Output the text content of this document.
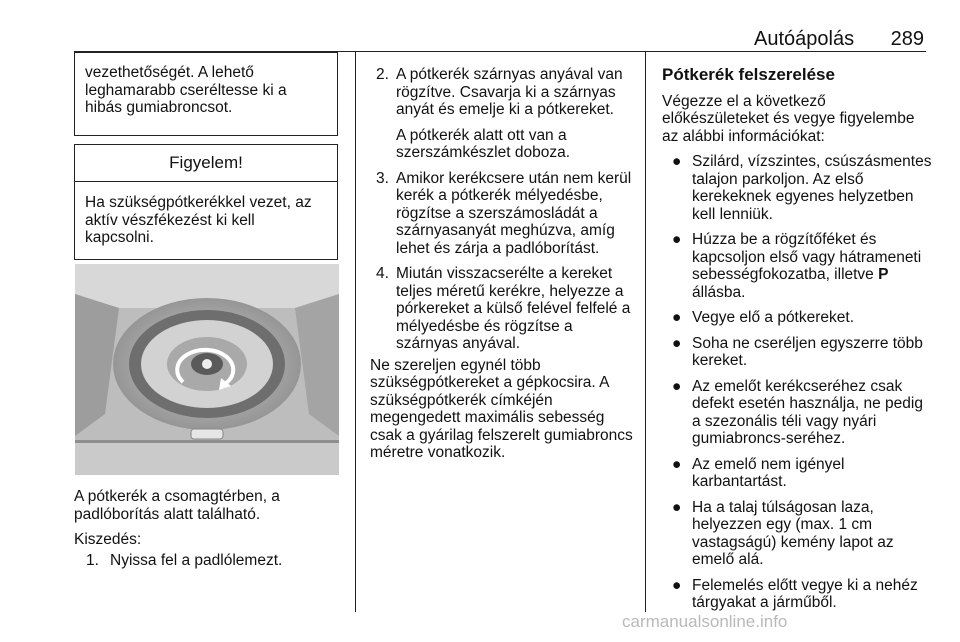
Autóápolás 289
vezethetőségét. A lehető leghamarabb cseréltesse ki a hibás gumiabroncsot.
Figyelem!
Ha szükségpótkerékkel vezet, az aktív vészfékezést ki kell kapcsolni.

A pótkerék a csomagtérben, a padlóborítás alatt található.

Kiszedés:

1. Nyissa fel a padlólemezt.
2. A pótkerék szárnyas anyával van rögzítve. Csavarja ki a szárnyas anyát és emelje ki a pótkereket.

A pótkerék alatt ott van a szerszámkészlet doboza.

3. Amikor kerékcsere után nem kerül kerék a pótkerék mélyedésbe, rögzítse a szerszámosládát a szárnyasanyát meghúzva, amíg lehet és zárja a padlóborítást.

4. Miután visszacserélte a kereket teljes méretű kerékre, helyezze a pórkereket a külső felével felfelé a mélyedésbe és rögzítse a szárnyas anyával.

Ne szereljen egynél több szükségpótkereket a gépkocsira. A szükségpótkerék címkéjén megengedett maximális sebesség csak a gyárilag felszerelt gumiabroncs méretre vonatkozik.

Pótkerék felszerelése

Végezze el a következő előkészületeket és vegye figyelembe az alábbi információkat:

● Szilárd, vízszintes, csúszásmentes talajon parkoljon. Az első kerekeknek egyenes helyzetben kell lenniük.
● Húzza be a rögzítőféket és kapcsoljon első vagy hátrameneti sebességfokozatba, illetve P állásba.
● Vegye elő a pótkereket.
● Soha ne cseréljen egyszerre több kereket.
● Az emelőt kerékcseréhez csak defekt esetén használja, ne pedig a szezonális téli vagy nyári gumiabroncs-seréhez.
● Az emelő nem igényel karbantartást.
● Ha a talaj túlságosan laza, helyezzen egy (max. 1 cm vastagságú) kemény lapot az emelő alá.
● Felemelés előtt vegye ki a nehéz tárgyakat a járműből.
carmanualsonline.info
